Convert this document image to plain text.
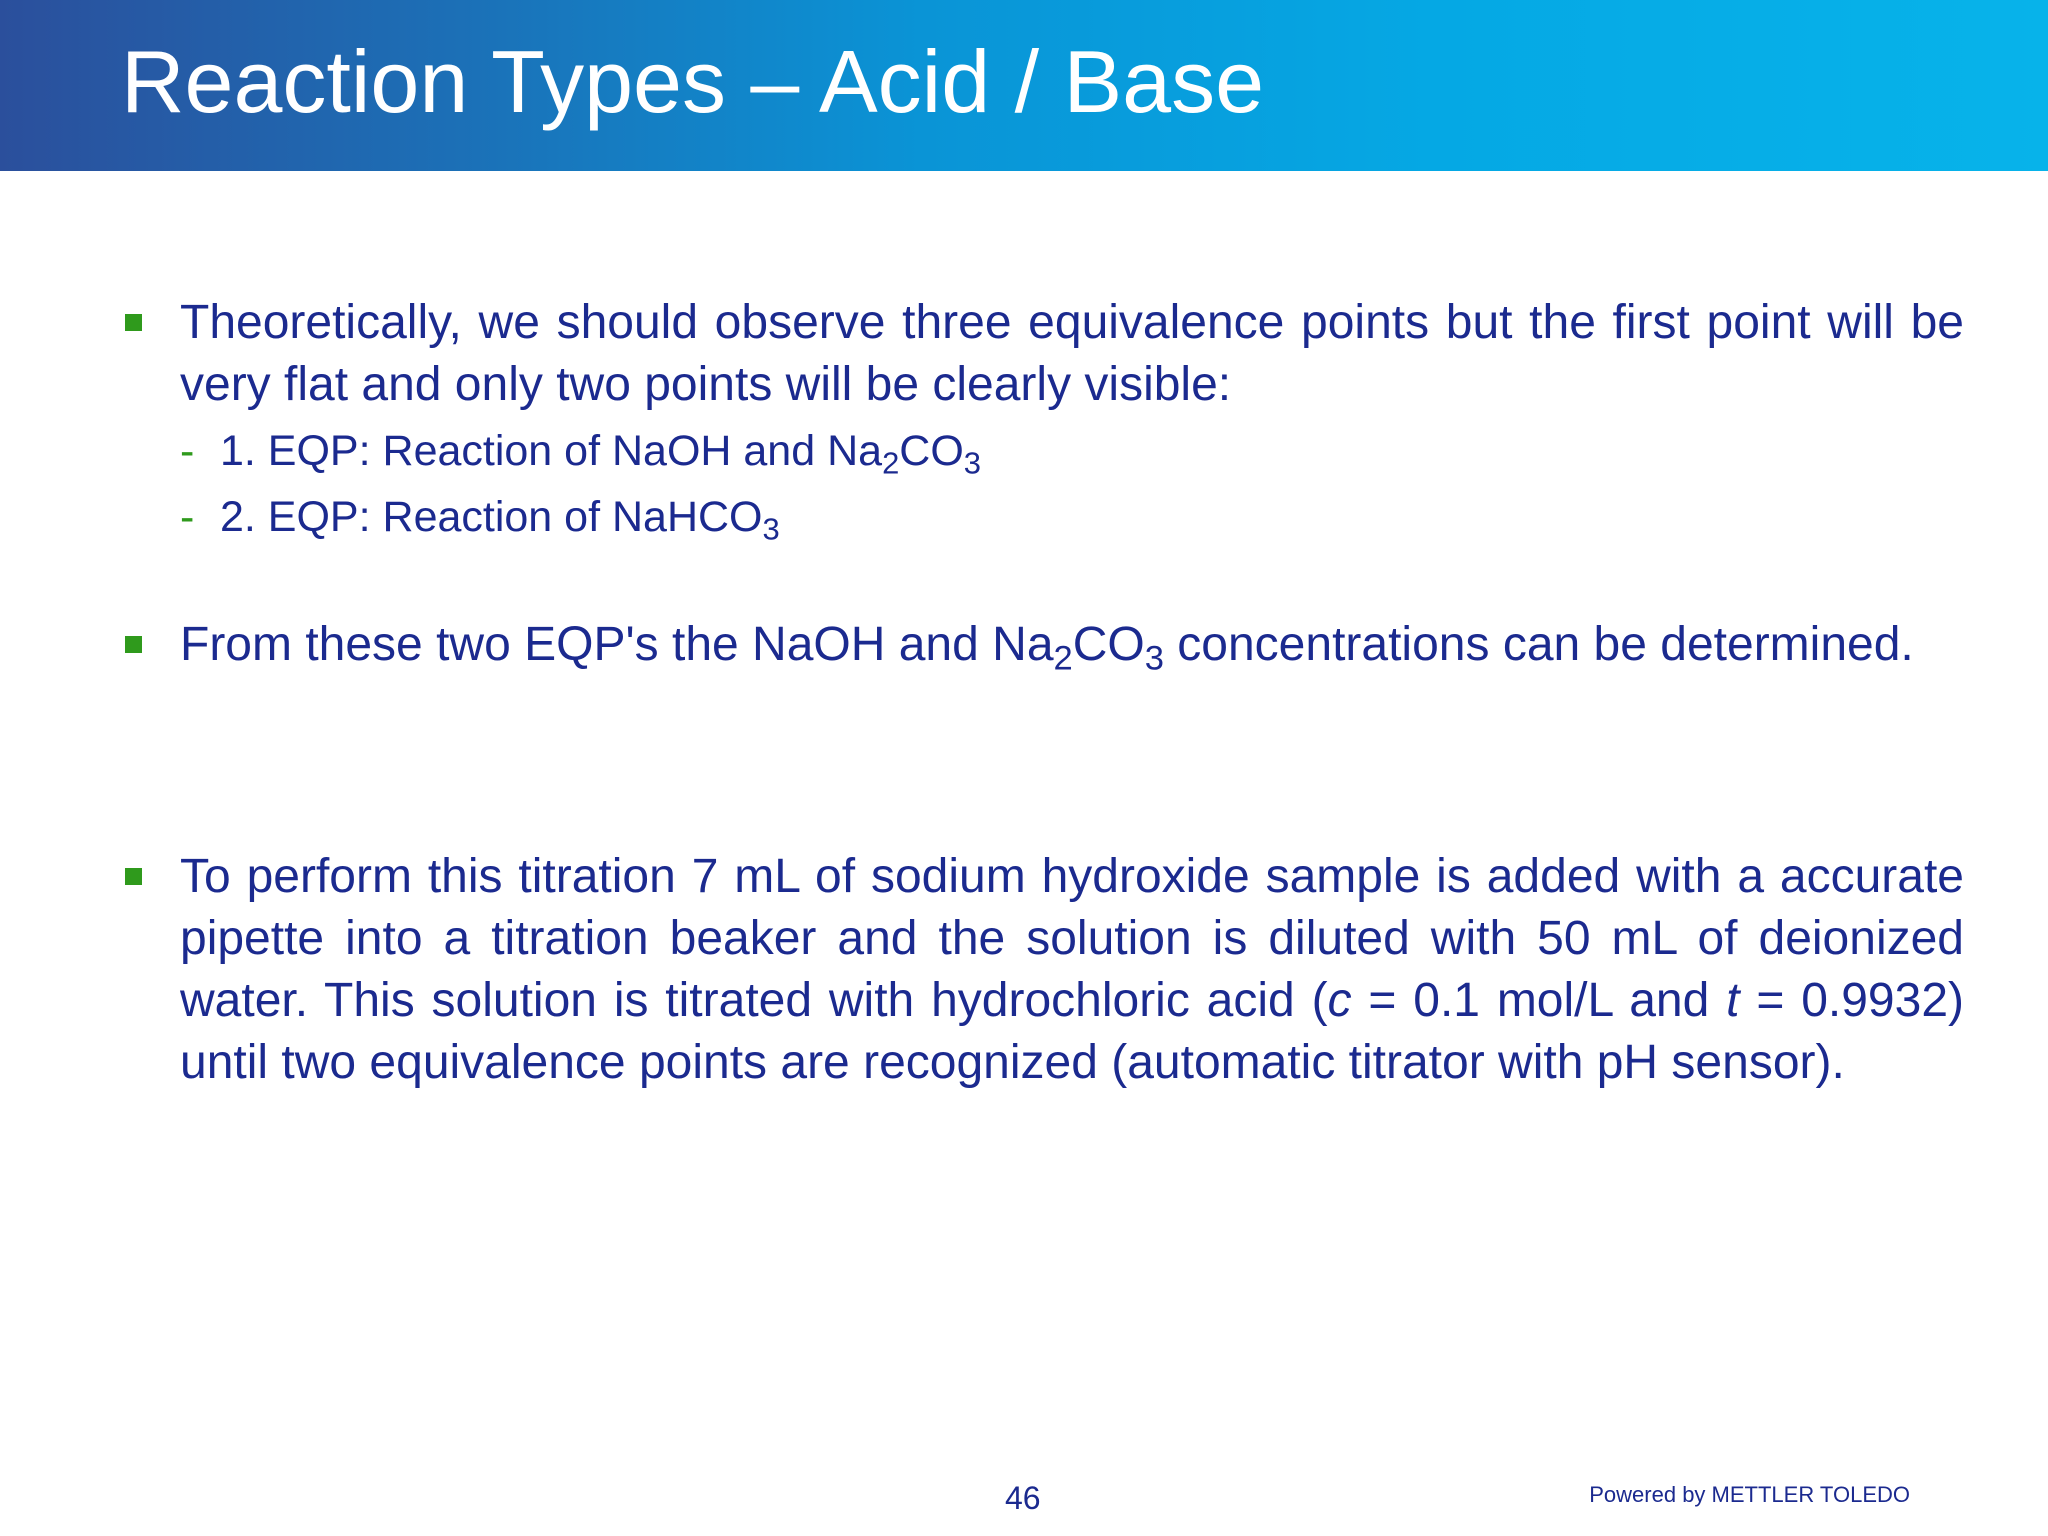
Reaction Types – Acid / Base
Theoretically, we should observe three equivalence points but the first point will be very flat and only two points will be clearly visible:
- 1. EQP: Reaction of NaOH and $Na_2CO_3$
- 2. EQP: Reaction of NaHCO$_3$
From these two EQP's the NaOH and $Na_2CO_3$ concentrations can be determined.
To perform this titration 7 mL of sodium hydroxide sample is added with a accurate pipette into a titration beaker and the solution is diluted with 50 mL of deionized water. This solution is titrated with hydrochloric acid (c = 0.1 mol/L and t = 0.9932) until two equivalence points are recognized (automatic titrator with pH sensor).
46	Powered by METTLER TOLEDO
